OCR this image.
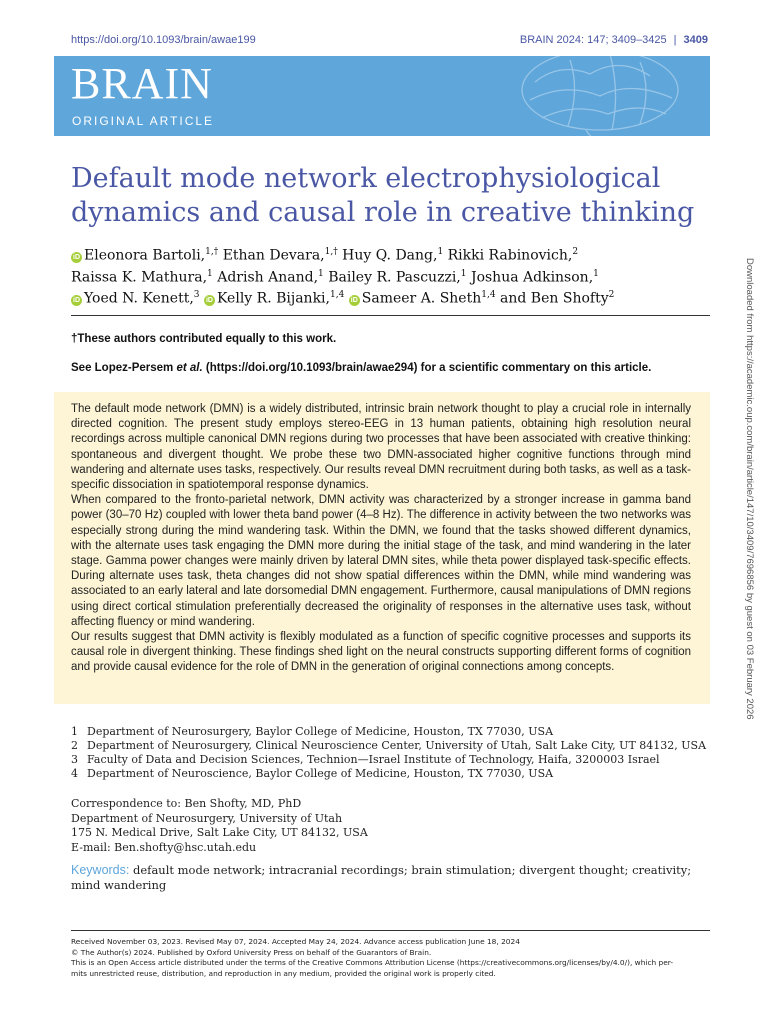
https://doi.org/10.1093/brain/awae199	BRAIN 2024: 147; 3409–3425 | 3409
BRAIN
ORIGINAL ARTICLE
Default mode network electrophysiological
dynamics and causal role in creative thinking

iD Eleonora Bartoli,$^{1,\dagger}$ Ethan Devara,$^{1,\dagger}$ Huy Q. Dang,$^1$ Rikki Rabinovich,$^2$
Raissa K. Mathura,$^1$ Adrish Anand,$^1$ Bailey R. Pascuzzi,$^1$ Joshua Adkinson,$^1$
iD Yoed N. Kenett,$^3$ iD Kelly R. Bijanki,$^{1,4}$ iD Sameer A. Sheth$^{1,4}$ and Ben Shofty$^2$

†These authors contributed equally to this work.
See Lopez-Persem et al. (https://doi.org/10.1093/brain/awae294) for a scientific commentary on this article.

The default mode network (DMN) is a widely distributed, intrinsic brain network thought to play a crucial role in internally directed cognition. The present study employs stereo-EEG in 13 human patients, obtaining high resolution neural recordings across multiple canonical DMN regions during two processes that have been associated with creative thinking: spontaneous and divergent thought. We probe these two DMN-associated higher cognitive functions through mind wandering and alternate uses tasks, respectively. Our results reveal DMN recruitment during both tasks, as well as a task-specific dissociation in spatiotemporal response dynamics.

When compared to the fronto-parietal network, DMN activity was characterized by a stronger increase in gamma band power (30–70 Hz) coupled with lower theta band power (4–8 Hz). The difference in activity between the two networks was especially strong during the mind wandering task. Within the DMN, we found that the tasks showed different dynamics, with the alternate uses task engaging the DMN more during the initial stage of the task, and mind wandering in the later stage. Gamma power changes were mainly driven by lateral DMN sites, while theta power displayed task-specific effects. During alternate uses task, theta changes did not show spatial differences within the DMN, while mind wandering was associated to an early lateral and late dorsomedial DMN engagement. Furthermore, causal manipulations of DMN regions using direct cortical stimulation preferentially decreased the originality of responses in the alternative uses task, without affecting fluency or mind wandering.

Our results suggest that DMN activity is flexibly modulated as a function of specific cognitive processes and supports its causal role in divergent thinking. These findings shed light on the neural constructs supporting different forms of cognition and provide causal evidence for the role of DMN in the generation of original connections among concepts.

1 Department of Neurosurgery, Baylor College of Medicine, Houston, TX 77030, USA
2 Department of Neurosurgery, Clinical Neuroscience Center, University of Utah, Salt Lake City, UT 84132, USA
3 Faculty of Data and Decision Sciences, Technion—Israel Institute of Technology, Haifa, 3200003 Israel
4 Department of Neuroscience, Baylor College of Medicine, Houston, TX 77030, USA
Correspondence to: Ben Shofty, MD, PhD
Department of Neurosurgery, University of Utah
175 N. Medical Drive, Salt Lake City, UT 84132, USA
E-mail: Ben.shofty@hsc.utah.edu
Keywords: default mode network; intracranial recordings; brain stimulation; divergent thought; creativity; mind wandering
Received November 03, 2023. Revised May 07, 2024. Accepted May 24, 2024. Advance access publication June 18, 2024
© The Author(s) 2024. Published by Oxford University Press on behalf of the Guarantors of Brain.
This is an Open Access article distributed under the terms of the Creative Commons Attribution License (https://creativecommons.org/licenses/by/4.0/), which per-
mits unrestricted reuse, distribution, and reproduction in any medium, provided the original work is properly cited.
Downloaded from https://academic.oup.com/brain/article/147/10/3409/7696856 by guest on 03 February 2026
